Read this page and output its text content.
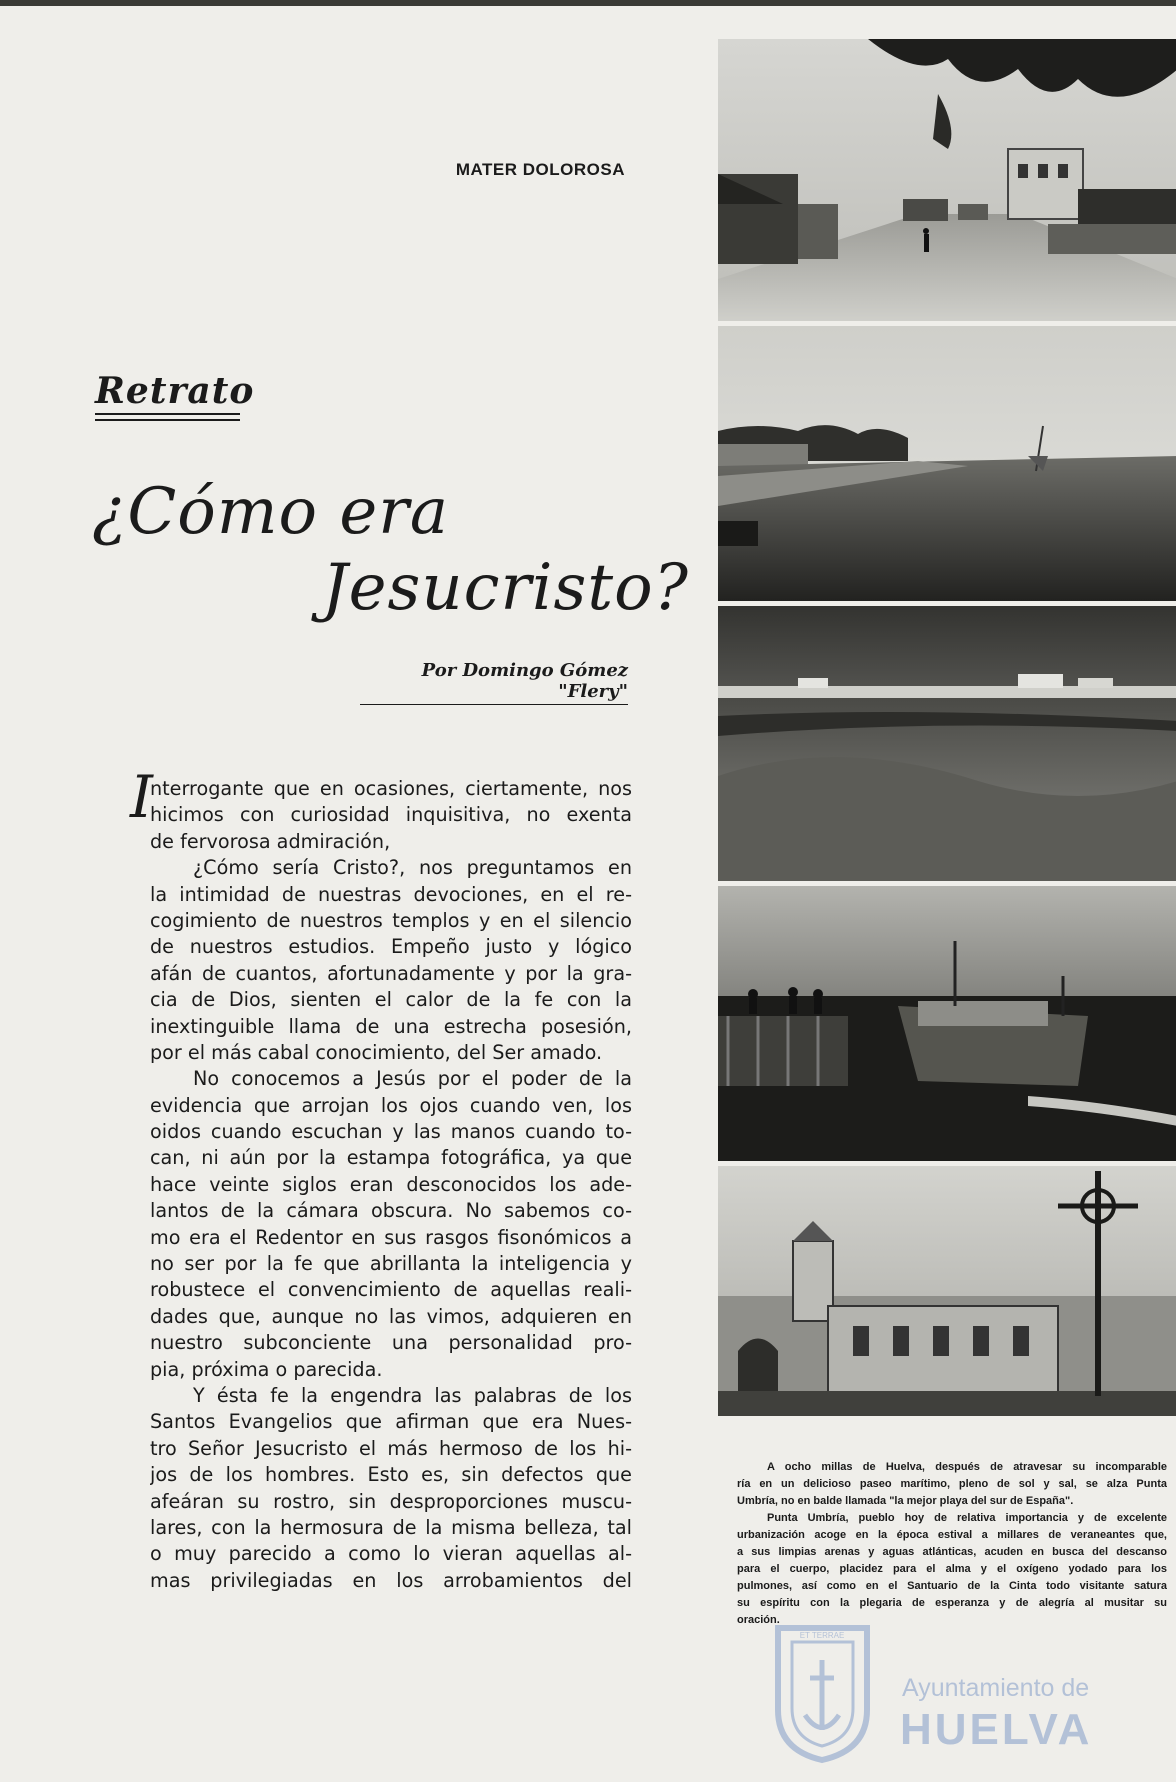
MATER DOLOROSA
Retrato
¿Cómo era
Jesucristo?
Por Domingo Gómez "Flery"
I
nterrogante que en ocasiones, ciertamente, nos
hicimos con curiosidad inquisitiva, no exenta
de fervorosa admiración,
¿Cómo sería Cristo?, nos preguntamos en
la intimidad de nuestras devociones, en el re-
cogimiento de nuestros templos y en el silencio
de nuestros estudios. Empeño justo y lógico
afán de cuantos, afortunadamente y por la gra-
cia de Dios, sienten el calor de la fe con la
inextinguible llama de una estrecha posesión,
por el más cabal conocimiento, del Ser amado.
No conocemos a Jesús por el poder de la
evidencia que arrojan los ojos cuando ven, los
oidos cuando escuchan y las manos cuando to-
can, ni aún por la estampa fotográfica, ya que
hace veinte siglos eran desconocidos los ade-
lantos de la cámara obscura. No sabemos co-
mo era el Redentor en sus rasgos fisonómicos a
no ser por la fe que abrillanta la inteligencia y
robustece el convencimiento de aquellas reali-
dades que, aunque no las vimos, adquieren en
nuestro subconciente una personalidad pro-
pia, próxima o parecida.
Y ésta fe la engendra las palabras de los
Santos Evangelios que afirman que era Nues-
tro Señor Jesucristo el más hermoso de los hi-
jos de los hombres. Esto es, sin defectos que
afeáran su rostro, sin desproporciones muscu-
lares, con la hermosura de la misma belleza, tal
o muy parecido a como lo vieran aquellas al-
mas privilegiadas en los arrobamientos del
A ocho millas de Huelva, después de atravesar su incomparable
ría en un delicioso paseo marítimo, pleno de sol y sal, se alza Punta
Umbría, no en balde llamada "la mejor playa del sur de España".
Punta Umbría, pueblo hoy de relativa importancia y de excelente
urbanización acoge en la época estival a millares de veraneantes que,
a sus limpias arenas y aguas atlánticas, acuden en busca del descanso
para el cuerpo, placidez para el alma y el oxígeno yodado para los
pulmones, así como en el Santuario de la Cinta todo visitante satura
su espíritu con la plegaria de esperanza y de alegría al musitar su
oración.
ET TERRAE
Ayuntamiento de
HUELVA
